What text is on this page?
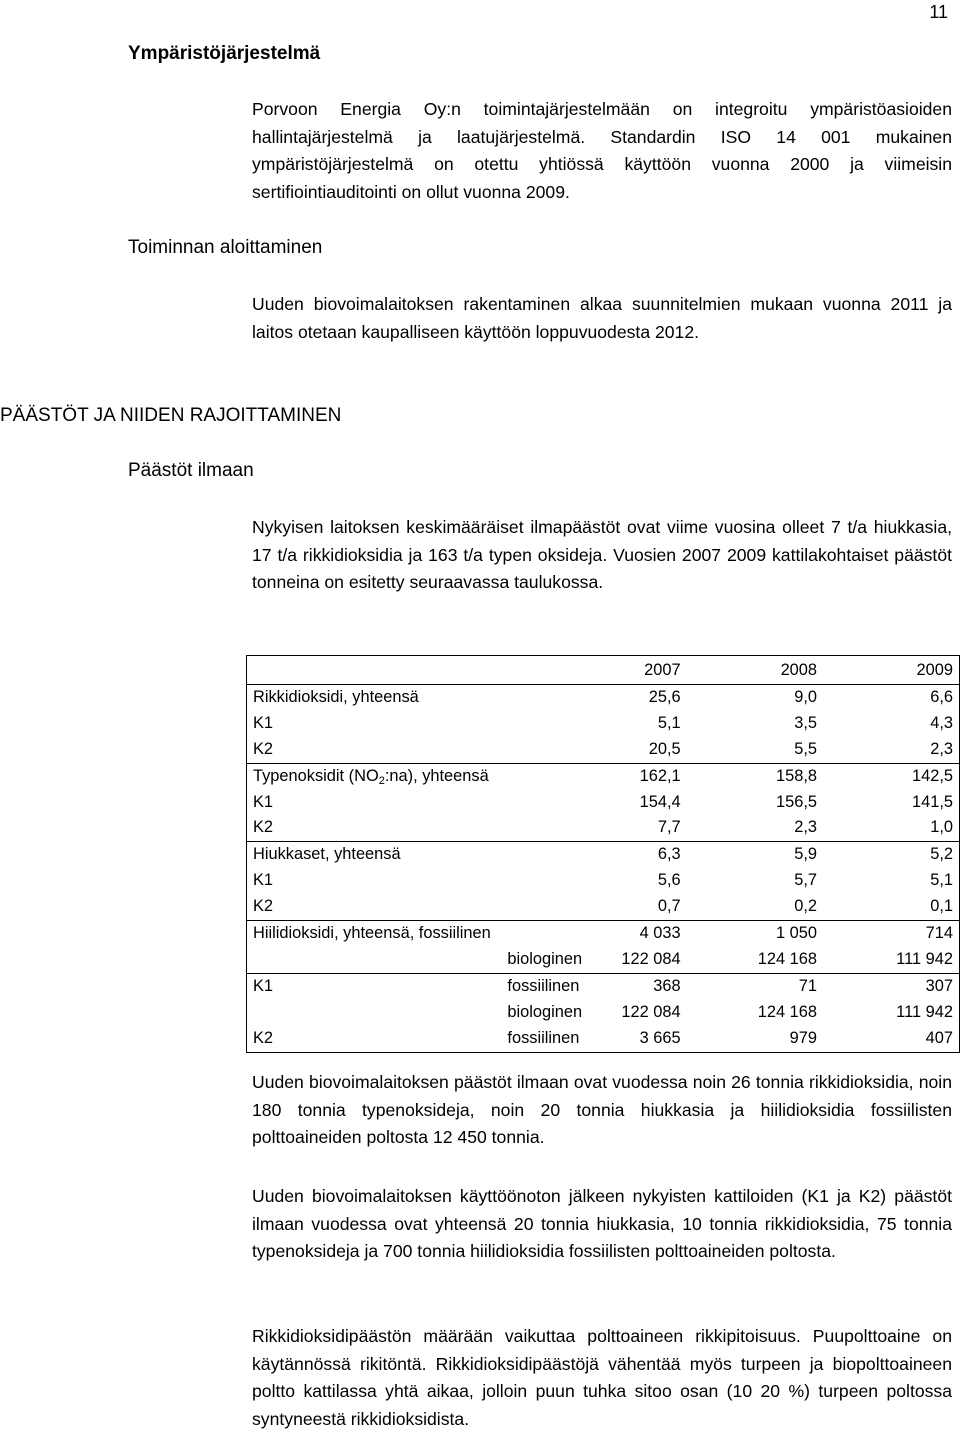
11
Ympäristöjärjestelmä
Porvoon Energia Oy:n toimintajärjestelmään on integroitu ympäristöasioiden hallintajärjestelmä ja laatujärjestelmä. Standardin ISO 14 001 mukainen ympäristöjärjestelmä on otettu yhtiössä käyttöön vuonna 2000 ja viimeisin sertifiointiauditointi on ollut vuonna 2009.
Toiminnan aloittaminen
Uuden biovoimalaitoksen rakentaminen alkaa suunnitelmien mukaan vuonna 2011 ja laitos otetaan kaupalliseen käyttöön loppuvuodesta 2012.
PÄÄSTÖT JA NIIDEN RAJOITTAMINEN
Päästöt ilmaan
Nykyisen laitoksen keskimääräiset ilmapäästöt ovat viime vuosina olleet 7 t/a hiukkasia, 17 t/a rikkidioksidia ja 163 t/a typen oksideja. Vuosien 2007 2009 kattilakohtaiset päästöt tonneina on esitetty seuraavassa taulukossa.
	2007	2008	2009
Rikkidioksidi, yhteensä	25,6	9,0	6,6
K1	5,1	3,5	4,3
K2	20,5	5,5	2,3
Typenoksidit $(NO_2:na)$, yhteensä	162,1	158,8	142,5
K1	154,4	156,5	141,5
K2	7,7	2,3	1,0
Hiukkaset, yhteensä	6,3	5,9	5,2
K1	5,6	5,7	5,1
K2	0,7	0,2	0,1
Hiilidioksidi, yhteensä, fossiilinen	4 033	1 050	714
biologinen	122 084	124 168	111 942

K1 fossiilinen	368	71	307
biologinen	122 084	124 168	111 942

K2 fossiilinen	3 665	979	407
Uuden biovoimalaitoksen päästöt ilmaan ovat vuodessa noin 26 tonnia rikkidioksidia, noin 180 tonnia typenoksideja, noin 20 tonnia hiukkasia ja hiilidioksidia fossiilisten polttoaineiden poltosta 12 450 tonnia.
Uuden biovoimalaitoksen käyttöönoton jälkeen nykyisten kattiloiden (K1 ja K2) päästöt ilmaan vuodessa ovat yhteensä 20 tonnia hiukkasia, 10 tonnia rikkidioksidia, 75 tonnia typenoksideja ja 700 tonnia hiilidioksidia fossiilisten polttoaineiden poltosta.
Rikkidioksidipäästön määrään vaikuttaa polttoaineen rikkipitoisuus. Puupolttoaine on käytännössä rikitöntä. Rikkidioksidipäästöjä vähentää myös turpeen ja biopolttoaineen poltto kattilassa yhtä aikaa, jolloin puun tuhka sitoo osan (10 20 %) turpeen poltossa syntyneestä rikkidioksidista.
